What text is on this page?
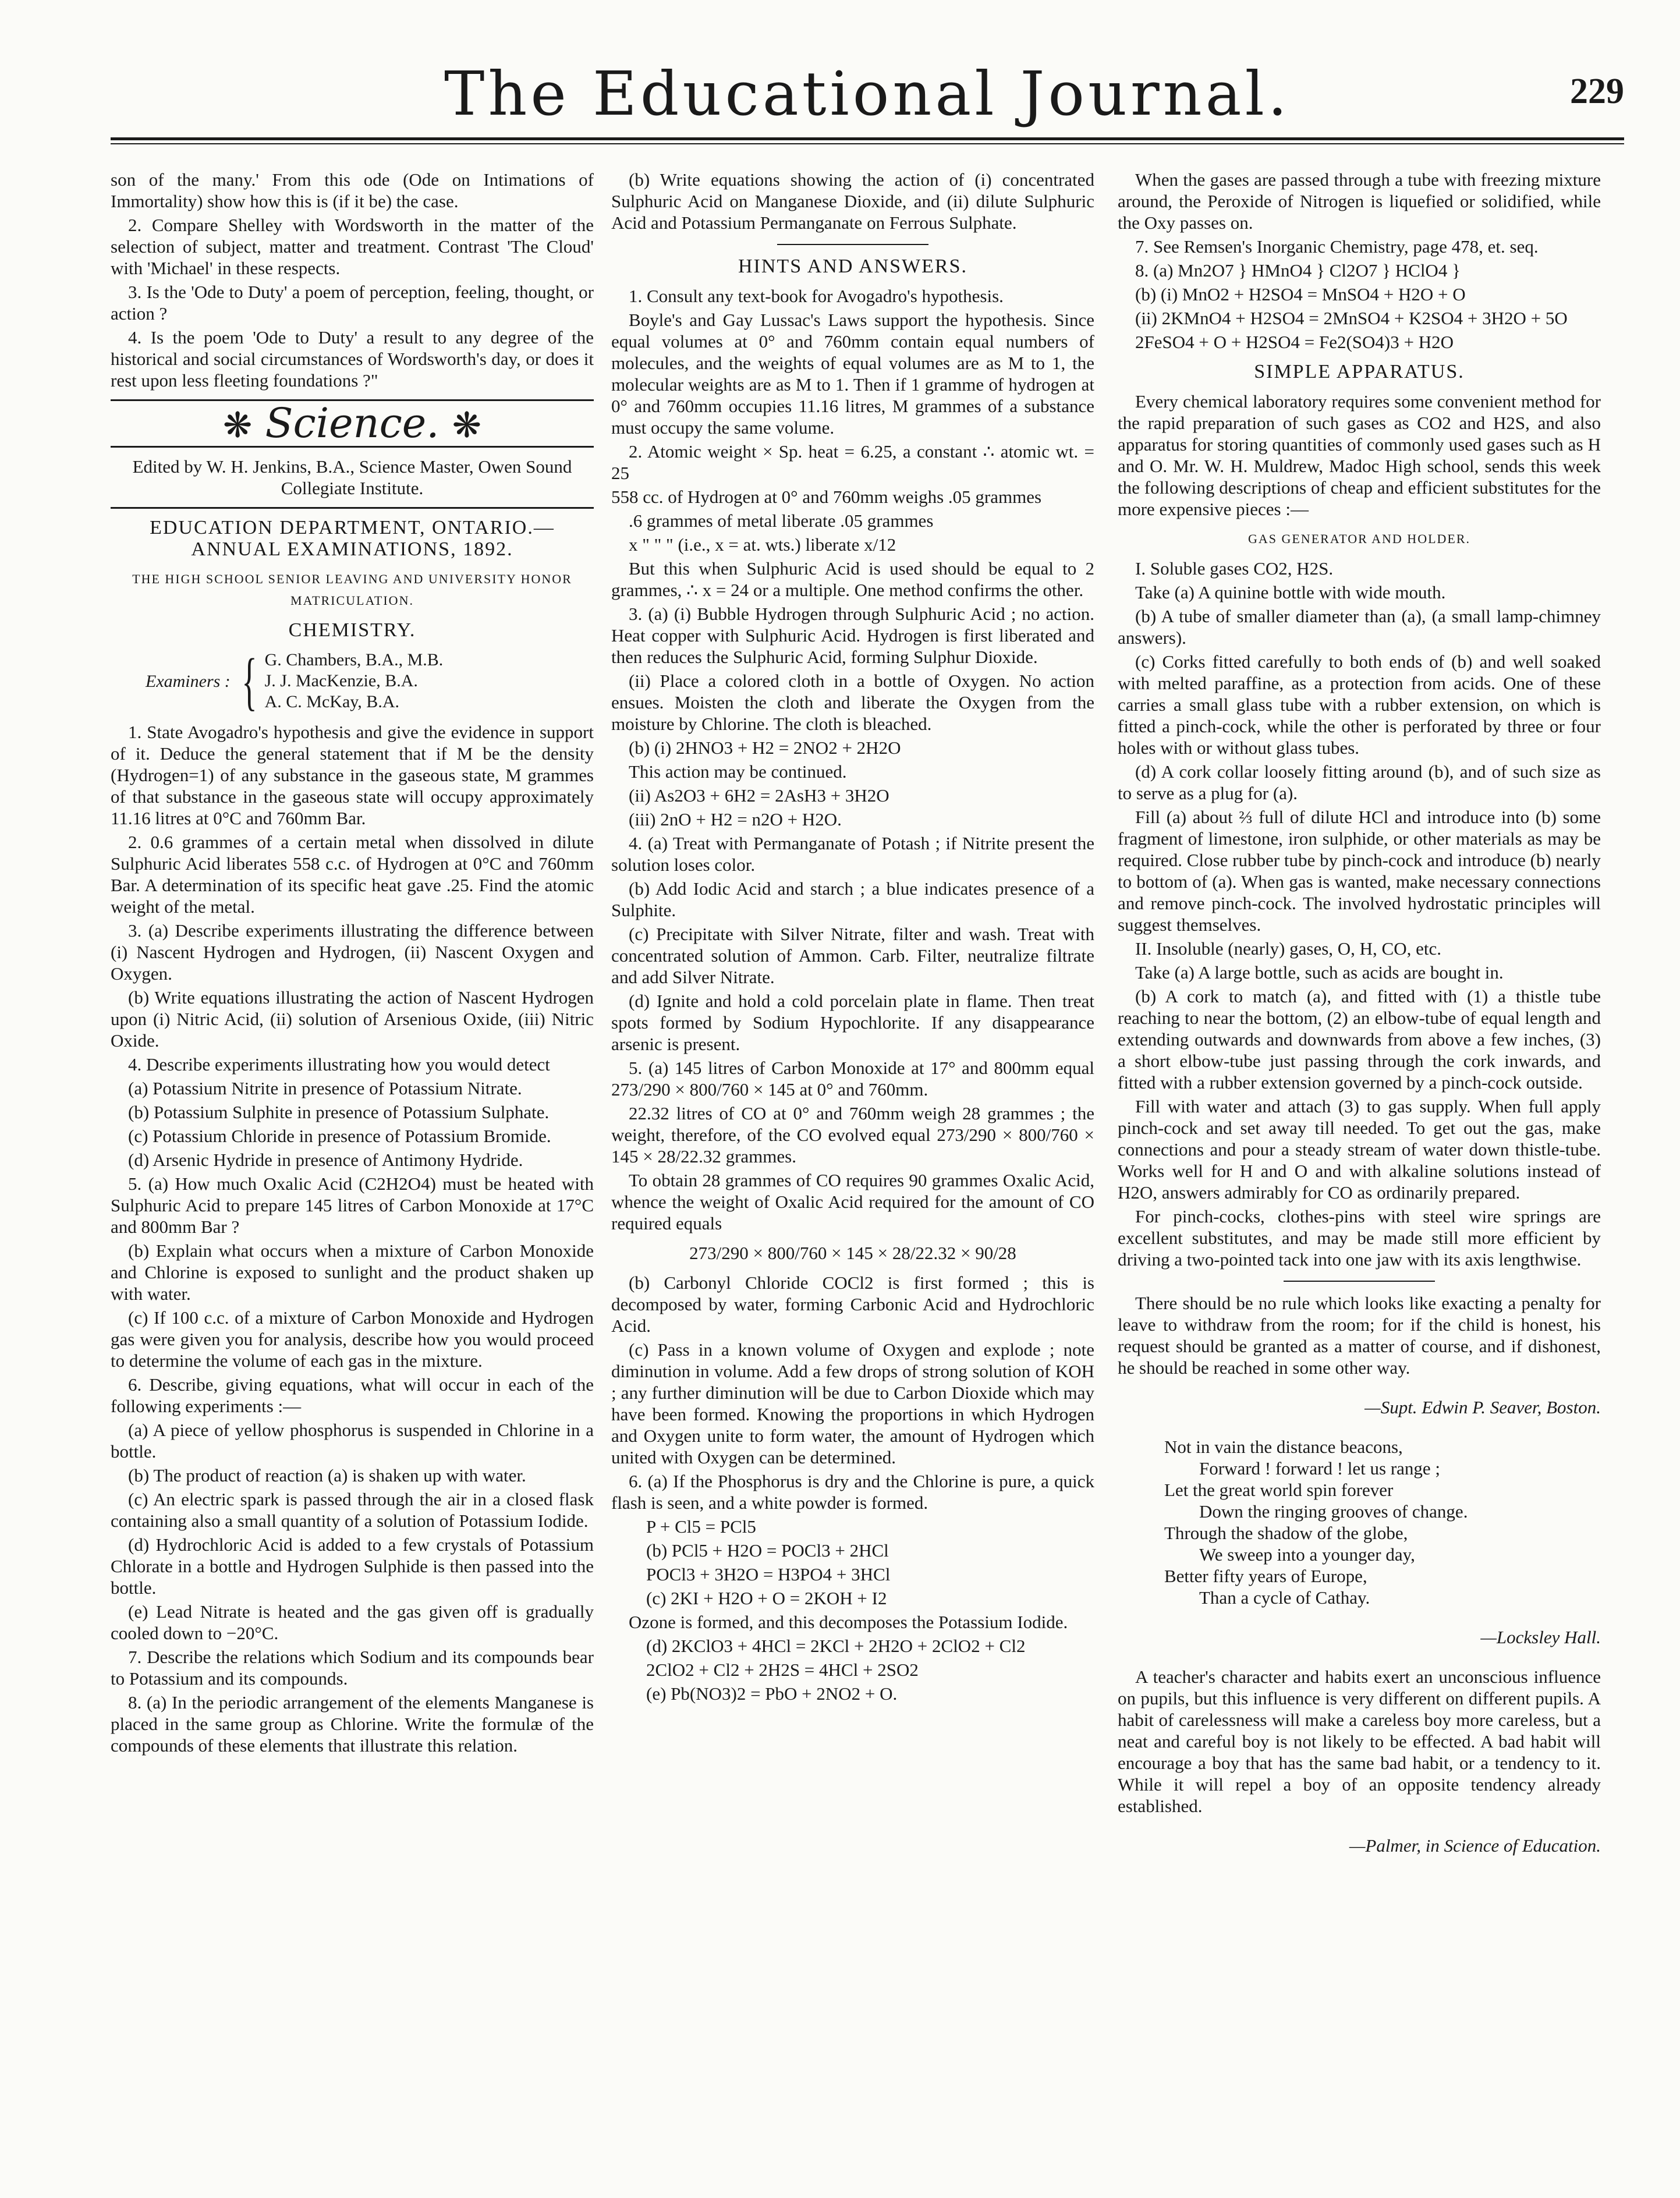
The Educational Journal.	229

son of the many.' From this ode (Ode on Intimations of Immortality) show how this is (if it be) the case.

2. Compare Shelley with Wordsworth in the matter of the selection of subject, matter and treatment. Contrast 'The Cloud' with 'Michael' in these respects.

3. Is the 'Ode to Duty' a poem of perception, feeling, thought, or action ?

4. Is the poem 'Ode to Duty' a result to any degree of the historical and social circumstances of Wordsworth's day, or does it rest upon less fleeting foundations ?"

❋ Science. ❋

Edited by W. H. Jenkins, B.A., Science Master, Owen Sound Collegiate Institute.

EDUCATION DEPARTMENT, ONTARIO.— ANNUAL EXAMINATIONS, 1892.

THE HIGH SCHOOL SENIOR LEAVING AND UNIVERSITY HONOR MATRICULATION.

CHEMISTRY.

Examiners : { G. Chambers, B.A., M.B.
J. J. MacKenzie, B.A.
A. C. McKay, B.A.

1. State Avogadro's hypothesis and give the evidence in support of it. Deduce the general statement that if M be the density (Hydrogen=1) of any substance in the gaseous state, M grammes of that substance in the gaseous state will occupy approximately 11.16 litres at 0°C and 760mm Bar.

2. 0.6 grammes of a certain metal when dissolved in dilute Sulphuric Acid liberates 558 c.c. of Hydrogen at 0°C and 760mm Bar. A determination of its specific heat gave .25. Find the atomic weight of the metal.

3. (a) Describe experiments illustrating the difference between (i) Nascent Hydrogen and Hydrogen, (ii) Nascent Oxygen and Oxygen.

(b) Write equations illustrating the action of Nascent Hydrogen upon (i) Nitric Acid, (ii) solution of Arsenious Oxide, (iii) Nitric Oxide.

4. Describe experiments illustrating how you would detect

(a) Potassium Nitrite in presence of Potassium Nitrate.

(b) Potassium Sulphite in presence of Potassium Sulphate.

(c) Potassium Chloride in presence of Potassium Bromide.

(d) Arsenic Hydride in presence of Antimony Hydride.

5. (a) How much Oxalic Acid (C2H2O4) must be heated with Sulphuric Acid to prepare 145 litres of Carbon Monoxide at 17°C and 800mm Bar ?

(b) Explain what occurs when a mixture of Carbon Monoxide and Chlorine is exposed to sunlight and the product shaken up with water.

(c) If 100 c.c. of a mixture of Carbon Monoxide and Hydrogen gas were given you for analysis, describe how you would proceed to determine the volume of each gas in the mixture.

6. Describe, giving equations, what will occur in each of the following experiments :—

(a) A piece of yellow phosphorus is suspended in Chlorine in a bottle.

(b) The product of reaction (a) is shaken up with water.

(c) An electric spark is passed through the air in a closed flask containing also a small quantity of a solution of Potassium Iodide.

(d) Hydrochloric Acid is added to a few crystals of Potassium Chlorate in a bottle and Hydrogen Sulphide is then passed into the bottle.

(e) Lead Nitrate is heated and the gas given off is gradually cooled down to −20°C.

7. Describe the relations which Sodium and its compounds bear to Potassium and its compounds.

8. (a) In the periodic arrangement of the elements Manganese is placed in the same group as Chlorine. Write the formulæ of the compounds of these elements that illustrate this relation.

(b) Write equations showing the action of (i) concentrated Sulphuric Acid on Manganese Dioxide, and (ii) dilute Sulphuric Acid and Potassium Permanganate on Ferrous Sulphate.

HINTS AND ANSWERS.

1. Consult any text-book for Avogadro's hypothesis.

Boyle's and Gay Lussac's Laws support the hypothesis. Since equal volumes at 0° and 760mm contain equal numbers of molecules, and the weights of equal volumes are as M to 1, the molecular weights are as M to 1. Then if 1 gramme of hydrogen at 0° and 760mm occupies 11.16 litres, M grammes of a substance must occupy the same volume.

2. Atomic weight × Sp. heat = 6.25, a constant ∴ atomic wt. = 25

558 cc. of Hydrogen at 0° and 760mm weighs .05 grammes

.6 grammes of metal liberate .05 grammes

x " " " (i.e., x = at. wts.) liberate x/12

But this when Sulphuric Acid is used should be equal to 2 grammes, ∴ x = 24 or a multiple. One method confirms the other.

3. (a) (i) Bubble Hydrogen through Sulphuric Acid ; no action. Heat copper with Sulphuric Acid. Hydrogen is first liberated and then reduces the Sulphuric Acid, forming Sulphur Dioxide.

(ii) Place a colored cloth in a bottle of Oxygen. No action ensues. Moisten the cloth and liberate the Oxygen from the moisture by Chlorine. The cloth is bleached.

(b) (i) 2HNO3 + H2 = 2NO2 + 2H2O

This action may be continued.

(ii) As2O3 + 6H2 = 2AsH3 + 3H2O

(iii) 2nO + H2 = n2O + H2O.

4. (a) Treat with Permanganate of Potash ; if Nitrite present the solution loses color.

(b) Add Iodic Acid and starch ; a blue indicates presence of a Sulphite.

(c) Precipitate with Silver Nitrate, filter and wash. Treat with concentrated solution of Ammon. Carb. Filter, neutralize filtrate and add Silver Nitrate.

(d) Ignite and hold a cold porcelain plate in flame. Then treat spots formed by Sodium Hypochlorite. If any disappearance arsenic is present.

5. (a) 145 litres of Carbon Monoxide at 17° and 800mm equal 273/290 × 800/760 × 145 at 0° and 760mm.

22.32 litres of CO at 0° and 760mm weigh 28 grammes ; the weight, therefore, of the CO evolved equal 273/290 × 800/760 × 145 × 28/22.32 grammes.

To obtain 28 grammes of CO requires 90 grammes Oxalic Acid, whence the weight of Oxalic Acid required for the amount of CO required equals

273/290 × 800/760 × 145 × 28/22.32 × 90/28

(b) Carbonyl Chloride COCl2 is first formed ; this is decomposed by water, forming Carbonic Acid and Hydrochloric Acid.

(c) Pass in a known volume of Oxygen and explode ; note diminution in volume. Add a few drops of strong solution of KOH ; any further diminution will be due to Carbon Dioxide which may have been formed. Knowing the proportions in which Hydrogen and Oxygen unite to form water, the amount of Hydrogen which united with Oxygen can be determined.

6. (a) If the Phosphorus is dry and the Chlorine is pure, a quick flash is seen, and a white powder is formed.

P + Cl5 = PCl5

(b) PCl5 + H2O = POCl3 + 2HCl

POCl3 + 3H2O = H3PO4 + 3HCl

(c) 2KI + H2O + O = 2KOH + I2

Ozone is formed, and this decomposes the Potassium Iodide.

(d) 2KClO3 + 4HCl = 2KCl + 2H2O + 2ClO2 + Cl2

2ClO2 + Cl2 + 2H2S = 4HCl + 2SO2

(e) Pb(NO3)2 = PbO + 2NO2 + O.

When the gases are passed through a tube with freezing mixture around, the Peroxide of Nitrogen is liquefied or solidified, while the Oxy passes on.

7. See Remsen's Inorganic Chemistry, page 478, et. seq.

8. (a) Mn2O7 } HMnO4 } Cl2O7 } HClO4 }

(b) (i) MnO2 + H2SO4 = MnSO4 + H2O + O

(ii) 2KMnO4 + H2SO4 = 2MnSO4 + K2SO4 + 3H2O + 5O

2FeSO4 + O + H2SO4 = Fe2(SO4)3 + H2O

SIMPLE APPARATUS.

Every chemical laboratory requires some convenient method for the rapid preparation of such gases as CO2 and H2S, and also apparatus for storing quantities of commonly used gases such as H and O. Mr. W. H. Muldrew, Madoc High school, sends this week the following descriptions of cheap and efficient substitutes for the more expensive pieces :—

GAS GENERATOR AND HOLDER.

I. Soluble gases CO2, H2S.

Take (a) A quinine bottle with wide mouth.

(b) A tube of smaller diameter than (a), (a small lamp-chimney answers).

(c) Corks fitted carefully to both ends of (b) and well soaked with melted paraffine, as a protection from acids. One of these carries a small glass tube with a rubber extension, on which is fitted a pinch-cock, while the other is perforated by three or four holes with or without glass tubes.

(d) A cork collar loosely fitting around (b), and of such size as to serve as a plug for (a).

Fill (a) about ⅔ full of dilute HCl and introduce into (b) some fragment of limestone, iron sulphide, or other materials as may be required. Close rubber tube by pinch-cock and introduce (b) nearly to bottom of (a). When gas is wanted, make necessary connections and remove pinch-cock. The involved hydrostatic principles will suggest themselves.

II. Insoluble (nearly) gases, O, H, CO, etc.

Take (a) A large bottle, such as acids are bought in.

(b) A cork to match (a), and fitted with (1) a thistle tube reaching to near the bottom, (2) an elbow-tube of equal length and extending outwards and downwards from above a few inches, (3) a short elbow-tube just passing through the cork inwards, and fitted with a rubber extension governed by a pinch-cock outside.

Fill with water and attach (3) to gas supply. When full apply pinch-cock and set away till needed. To get out the gas, make connections and pour a steady stream of water down thistle-tube. Works well for H and O and with alkaline solutions instead of H2O, answers admirably for CO as ordinarily prepared.

For pinch-cocks, clothes-pins with steel wire springs are excellent substitutes, and may be made still more efficient by driving a two-pointed tack into one jaw with its axis lengthwise.

There should be no rule which looks like exacting a penalty for leave to withdraw from the room; for if the child is honest, his request should be granted as a matter of course, and if dishonest, he should be reached in some other way.

—Supt. Edwin P. Seaver, Boston.

Not in vain the distance beacons,

Forward ! forward ! let us range ;

Let the great world spin forever

Down the ringing grooves of change.

Through the shadow of the globe,

We sweep into a younger day,

Better fifty years of Europe,

Than a cycle of Cathay.

—Locksley Hall.

A teacher's character and habits exert an unconscious influence on pupils, but this influence is very different on different pupils. A habit of carelessness will make a careless boy more careless, but a neat and careful boy is not likely to be effected. A bad habit will encourage a boy that has the same bad habit, or a tendency to it. While it will repel a boy of an opposite tendency already established.

—Palmer, in Science of Education.
